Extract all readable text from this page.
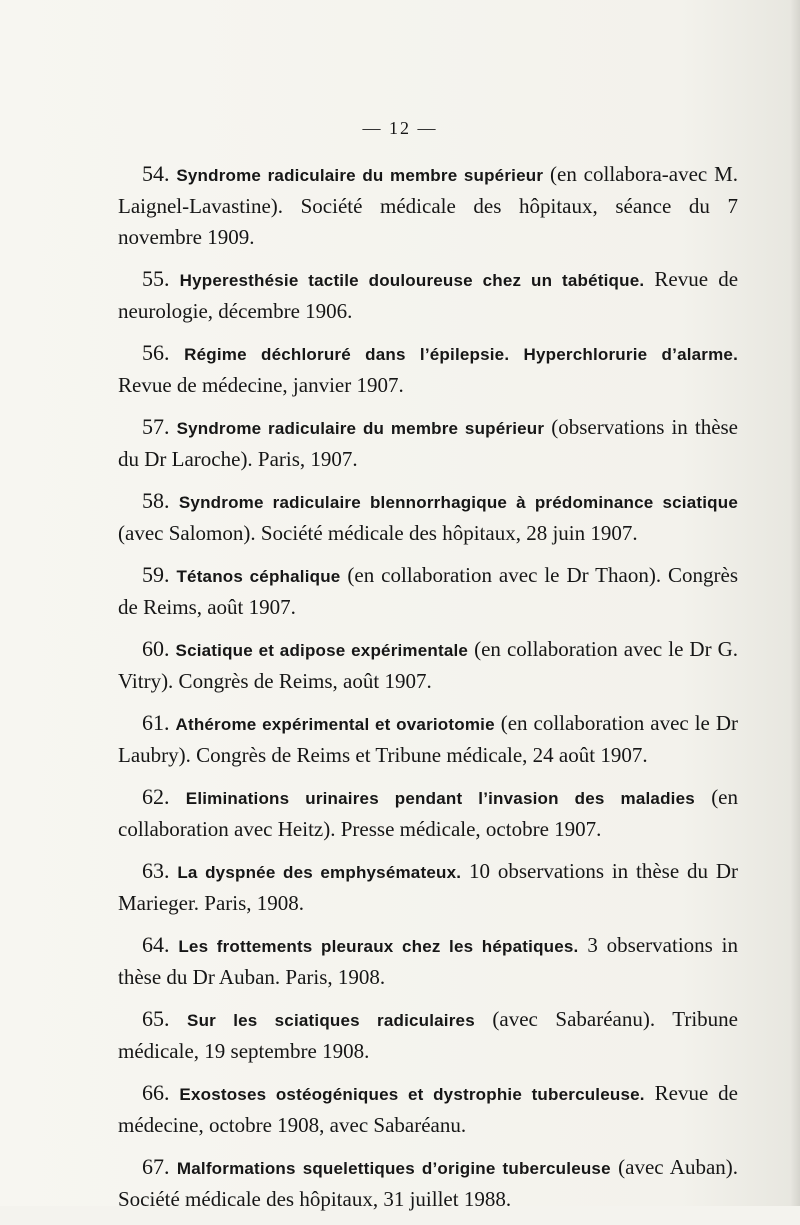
— 12 —

54. Syndrome radiculaire du membre supérieur (en collabora-avec M. Laignel-Lavastine). Société médicale des hôpitaux, séance du 7 novembre 1909.

55. Hyperesthésie tactile douloureuse chez un tabétique. Revue de neurologie, décembre 1906.

56. Régime déchloruré dans l’épilepsie. Hyperchlorurie d’alarme. Revue de médecine, janvier 1907.

57. Syndrome radiculaire du membre supérieur (observations in thèse du Dr Laroche). Paris, 1907.

58. Syndrome radiculaire blennorrhagique à prédominance sciatique (avec Salomon). Société médicale des hôpitaux, 28 juin 1907.

59. Tétanos céphalique (en collaboration avec le Dr Thaon). Congrès de Reims, août 1907.

60. Sciatique et adipose expérimentale (en collaboration avec le Dr G. Vitry). Congrès de Reims, août 1907.

61. Athérome expérimental et ovariotomie (en collaboration avec le Dr Laubry). Congrès de Reims et Tribune médicale, 24 août 1907.

62. Eliminations urinaires pendant l’invasion des maladies (en collaboration avec Heitz). Presse médicale, octobre 1907.

63. La dyspnée des emphysémateux. 10 observations in thèse du Dr Marieger. Paris, 1908.

64. Les frottements pleuraux chez les hépatiques. 3 observations in thèse du Dr Auban. Paris, 1908.

65. Sur les sciatiques radiculaires (avec Sabaréanu). Tribune médicale, 19 septembre 1908.

66. Exostoses ostéogéniques et dystrophie tuberculeuse. Revue de médecine, octobre 1908, avec Sabaréanu.

67. Malformations squelettiques d’origine tuberculeuse (avec Auban). Société médicale des hôpitaux, 31 juillet 1988.
